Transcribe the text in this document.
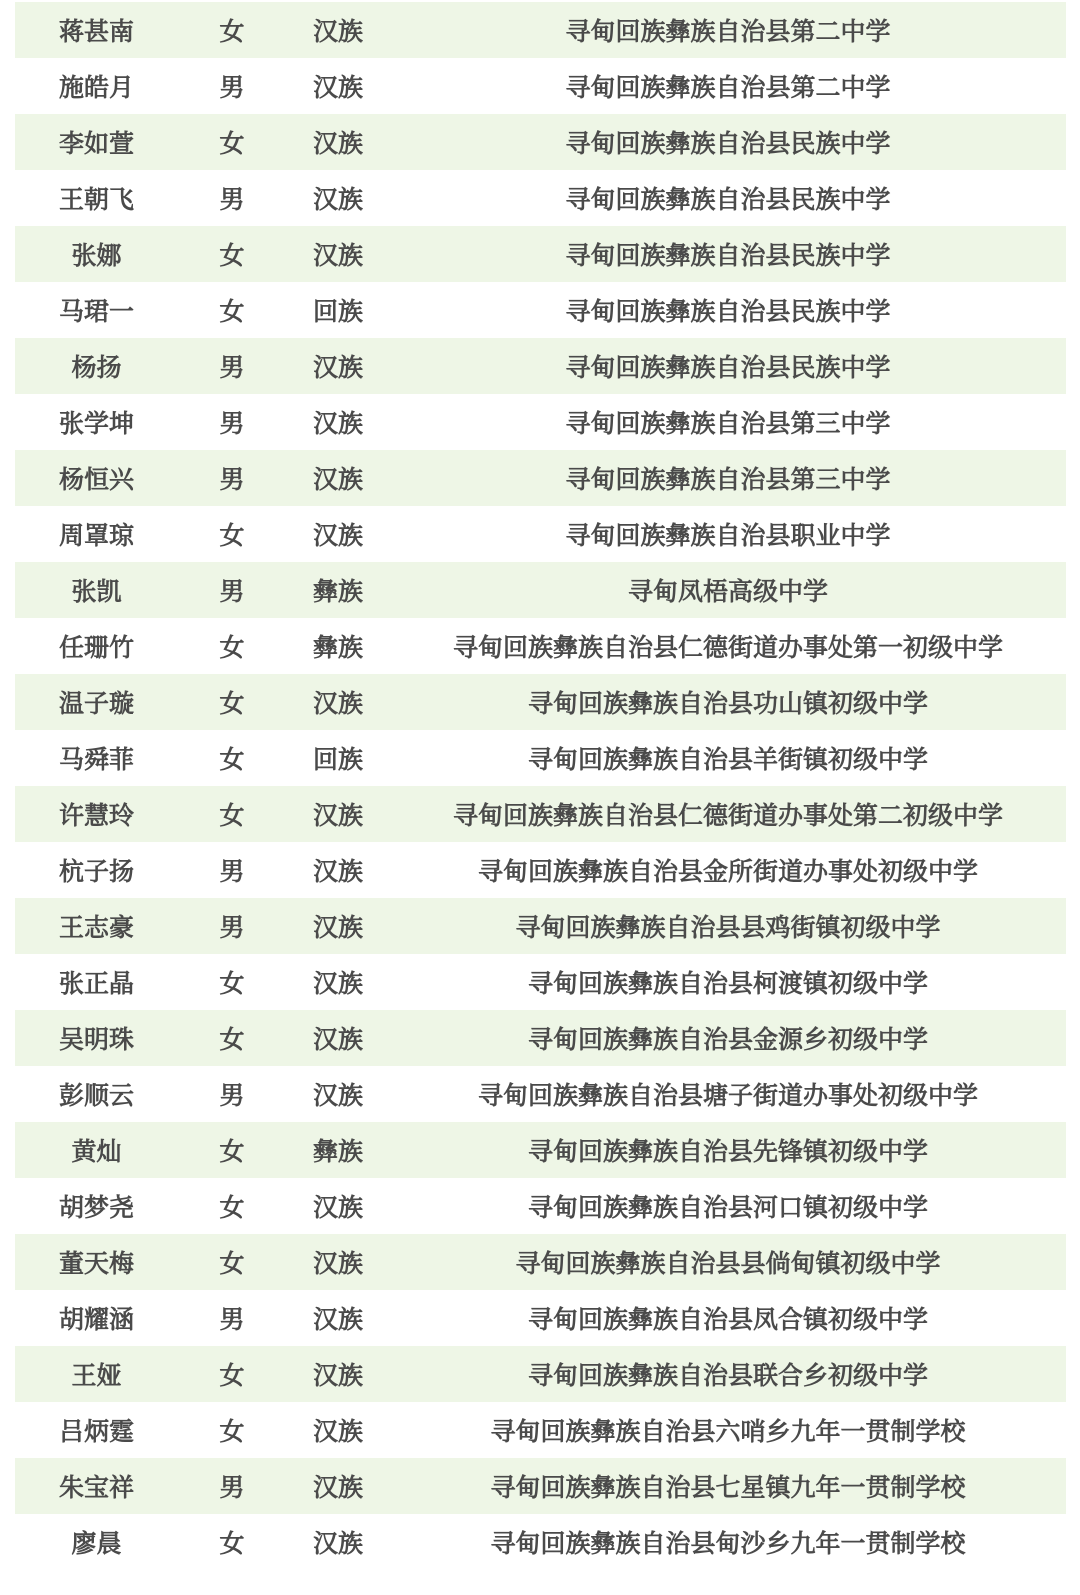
蒋甚南	女	汉族	寻甸回族彝族自治县第二中学
施皓月	男	汉族	寻甸回族彝族自治县第二中学
李如萱	女	汉族	寻甸回族彝族自治县民族中学
王朝飞	男	汉族	寻甸回族彝族自治县民族中学
张娜	女	汉族	寻甸回族彝族自治县民族中学
马珺一	女	回族	寻甸回族彝族自治县民族中学
杨扬	男	汉族	寻甸回族彝族自治县民族中学
张学坤	男	汉族	寻甸回族彝族自治县第三中学
杨恒兴	男	汉族	寻甸回族彝族自治县第三中学
周罩琼	女	汉族	寻甸回族彝族自治县职业中学
张凯	男	彝族	寻甸凤梧高级中学
任珊竹	女	彝族	寻甸回族彝族自治县仁德街道办事处第一初级中学
温子璇	女	汉族	寻甸回族彝族自治县功山镇初级中学
马舜菲	女	回族	寻甸回族彝族自治县羊街镇初级中学
许慧玲	女	汉族	寻甸回族彝族自治县仁德街道办事处第二初级中学
杭子扬	男	汉族	寻甸回族彝族自治县金所街道办事处初级中学
王志豪	男	汉族	寻甸回族彝族自治县县鸡街镇初级中学
张正晶	女	汉族	寻甸回族彝族自治县柯渡镇初级中学
吴明珠	女	汉族	寻甸回族彝族自治县金源乡初级中学
彭顺云	男	汉族	寻甸回族彝族自治县塘子街道办事处初级中学
黄灿	女	彝族	寻甸回族彝族自治县先锋镇初级中学
胡梦尧	女	汉族	寻甸回族彝族自治县河口镇初级中学
董天梅	女	汉族	寻甸回族彝族自治县县倘甸镇初级中学
胡耀涵	男	汉族	寻甸回族彝族自治县凤合镇初级中学
王娅	女	汉族	寻甸回族彝族自治县联合乡初级中学
吕炳霆	女	汉族	寻甸回族彝族自治县六哨乡九年一贯制学校
朱宝祥	男	汉族	寻甸回族彝族自治县七星镇九年一贯制学校
廖晨	女	汉族	寻甸回族彝族自治县甸沙乡九年一贯制学校
